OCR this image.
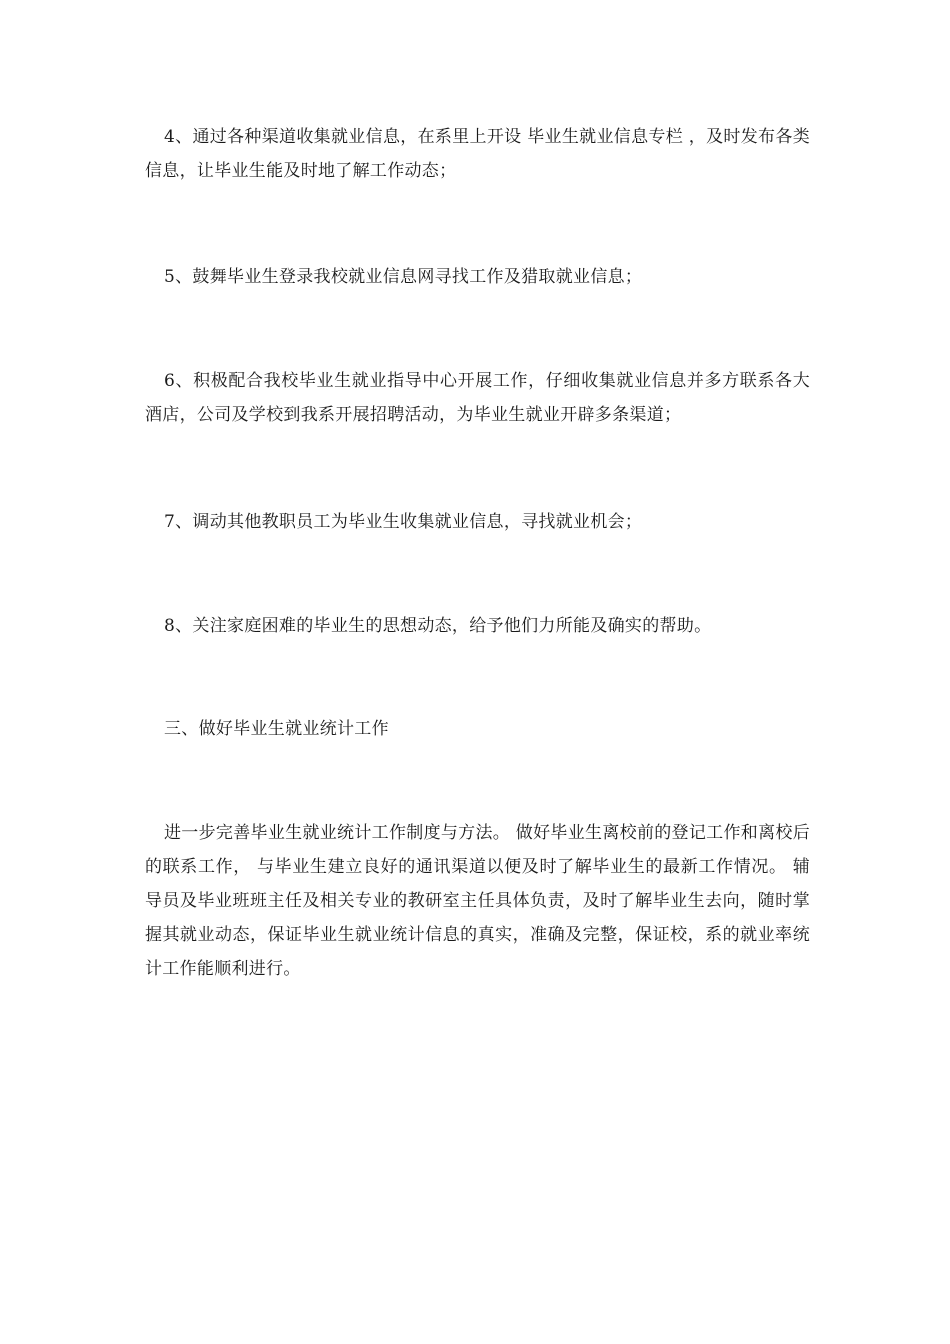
4、通过各种渠道收集就业信息，在系里上开设 毕业生就业信息专栏 ，及时发布各类信息，让毕业生能及时地了解工作动态；

5、鼓舞毕业生登录我校就业信息网寻找工作及猎取就业信息；

6、积极配合我校毕业生就业指导中心开展工作，仔细收集就业信息并多方联系各大酒店，公司及学校到我系开展招聘活动，为毕业生就业开辟多条渠道；

7、调动其他教职员工为毕业生收集就业信息，寻找就业机会；

8、关注家庭困难的毕业生的思想动态，给予他们力所能及确实的帮助。

三、做好毕业生就业统计工作

进一步完善毕业生就业统计工作制度与方法。 做好毕业生离校前的登记工作和离校后的联系工作， 与毕业生建立良好的通讯渠道以便及时了解毕业生的最新工作情况。 辅导员及毕业班班主任及相关专业的教研室主任具体负责，及时了解毕业生去向，随时掌握其就业动态，保证毕业生就业统计信息的真实，准确及完整，保证校，系的就业率统计工作能顺利进行。
